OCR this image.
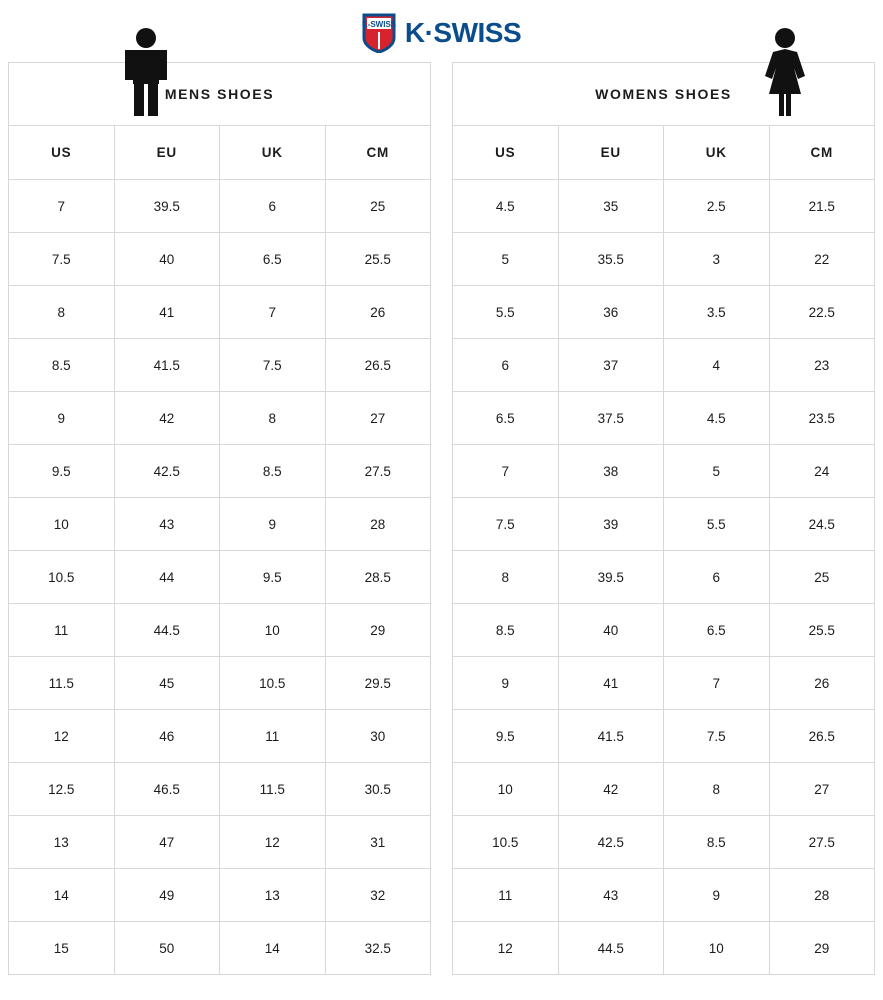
K-SWISS K·SWISS
MENS SHOES			
US	EU	UK	CM
7	39.5	6	25
7.5	40	6.5	25.5
8	41	7	26
8.5	41.5	7.5	26.5
9	42	8	27
9.5	42.5	8.5	27.5
10	43	9	28
10.5	44	9.5	28.5
11	44.5	10	29
11.5	45	10.5	29.5
12	46	11	30
12.5	46.5	11.5	30.5
13	47	12	31
14	49	13	32
15	50	14	32.5
WOMENS SHOES			
US	EU	UK	CM
4.5	35	2.5	21.5
5	35.5	3	22
5.5	36	3.5	22.5
6	37	4	23
6.5	37.5	4.5	23.5
7	38	5	24
7.5	39	5.5	24.5
8	39.5	6	25
8.5	40	6.5	25.5
9	41	7	26
9.5	41.5	7.5	26.5
10	42	8	27
10.5	42.5	8.5	27.5
11	43	9	28
12	44.5	10	29
